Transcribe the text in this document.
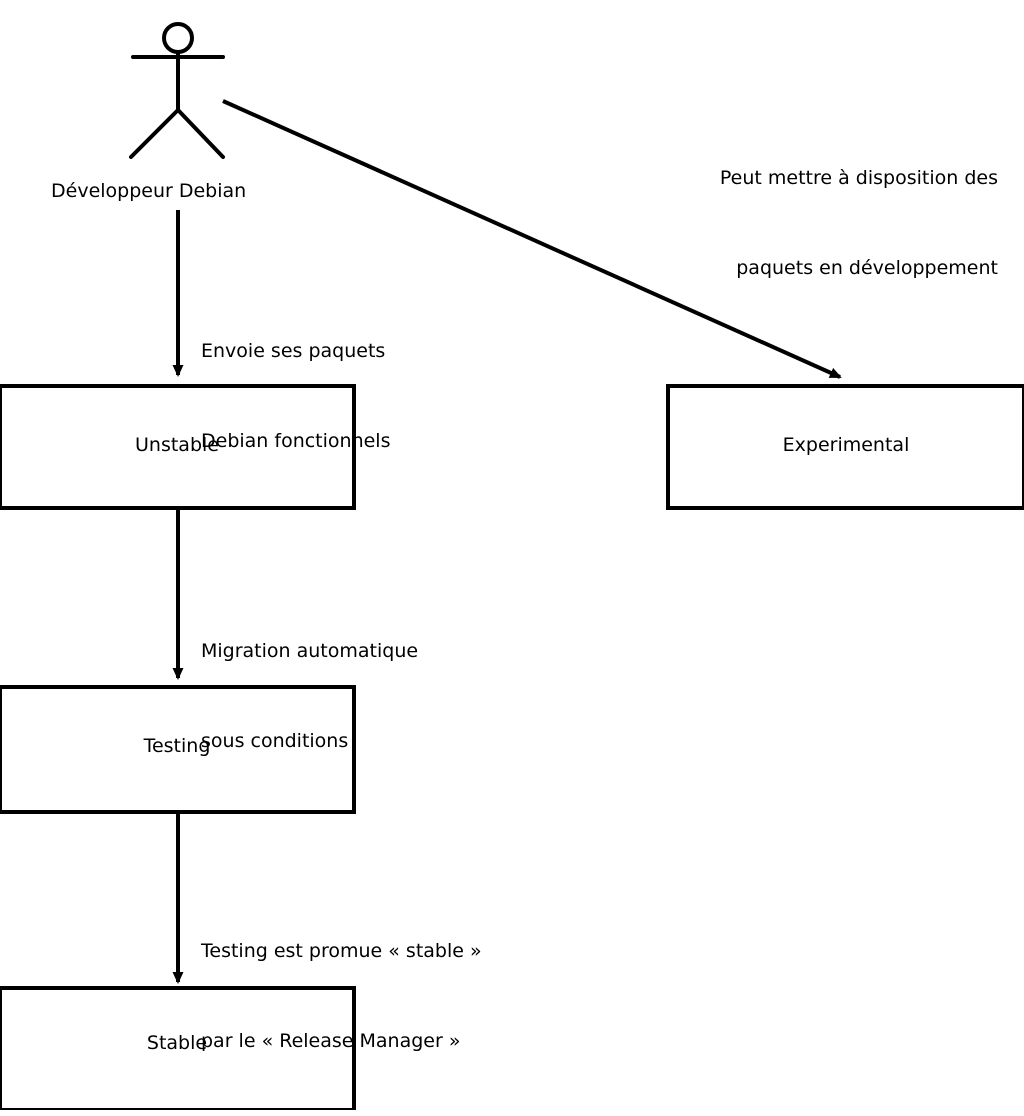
Développeur Debian

Peut mettre à disposition des

paquets en développement

Envoie ses paquets

Debian fonctionnels

Migration automatique

sous conditions

Testing est promue « stable »

par le « Release Manager »

Unstable	Experimental
Testing
Stable
